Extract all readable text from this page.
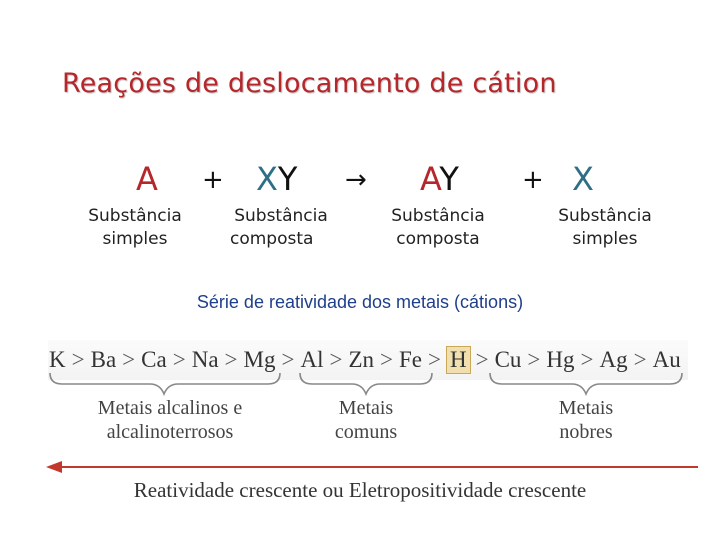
Reações de deslocamento de cátion
A + XY → AY + X
Substância
simples
Substância
composta
Substância
composta
Substância
simples
Série de reatividade dos metais (cátions)
K > Ba > Ca > Na > Mg > Al > Zn > Fe > H > Cu > Hg > Ag > Au
Metais alcalinos e
alcalinoterrosos
Metais
comuns
Metais
nobres
Reatividade crescente ou Eletropositividade crescente
